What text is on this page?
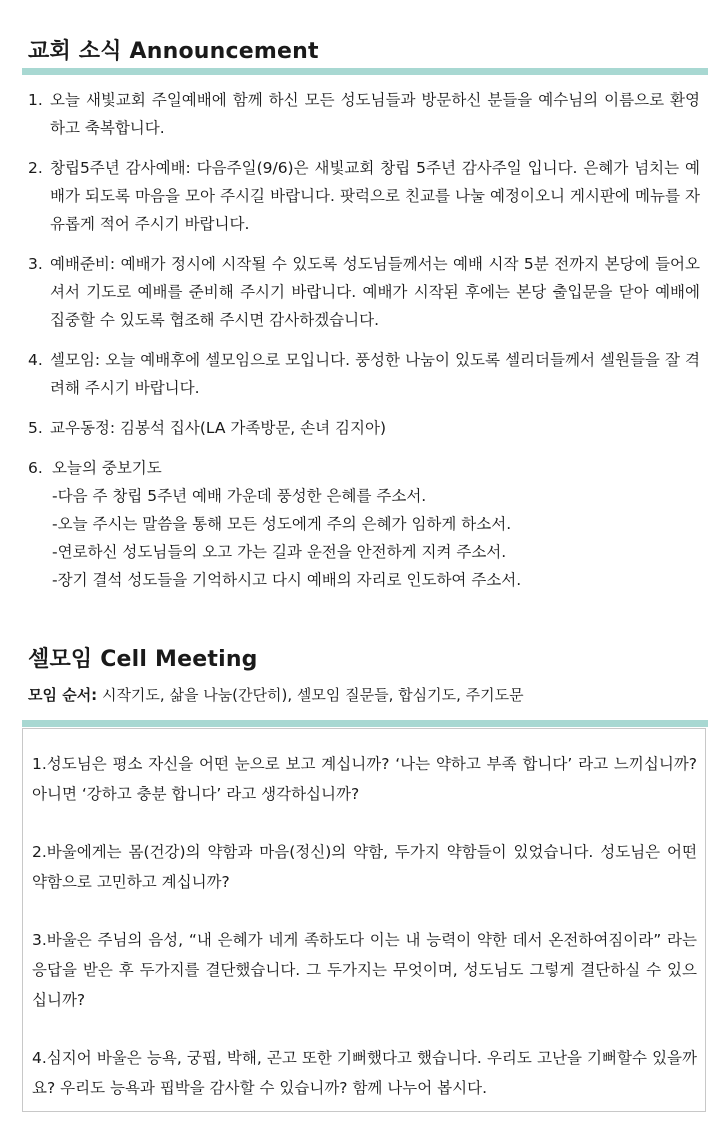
교회 소식 Announcement
1. 오늘 새빛교회 주일예배에 함께 하신 모든 성도님들과 방문하신 분들을 예수님의 이름으로 환영하고 축복합니다.
2. 창립5주년 감사예배: 다음주일(9/6)은 새빛교회 창립 5주년 감사주일 입니다. 은혜가 넘치는 예배가 되도록 마음을 모아 주시길 바랍니다. 팟럭으로 친교를 나눌 예정이오니 게시판에 메뉴를 자유롭게 적어 주시기 바랍니다.
3. 예배준비: 예배가 정시에 시작될 수 있도록 성도님들께서는 예배 시작 5분 전까지 본당에 들어오셔서 기도로 예배를 준비해 주시기 바랍니다. 예배가 시작된 후에는 본당 출입문을 닫아 예배에 집중할 수 있도록 협조해 주시면 감사하겠습니다.
4. 셀모임: 오늘 예배후에 셀모임으로 모입니다. 풍성한 나눔이 있도록 셀리더들께서 셀원들을 잘 격려해 주시기 바랍니다.
5. 교우동정: 김봉석 집사(LA 가족방문, 손녀 김지아)
6. 오늘의 중보기도
-다음 주 창립 5주년 예배 가운데 풍성한 은혜를 주소서.
-오늘 주시는 말씀을 통해 모든 성도에게 주의 은혜가 임하게 하소서.
-연로하신 성도님들의 오고 가는 길과 운전을 안전하게 지켜 주소서.
-장기 결석 성도들을 기억하시고 다시 예배의 자리로 인도하여 주소서.
셀모임 Cell Meeting
모임 순서: 시작기도, 삶을 나눔(간단히), 셀모임 질문들, 합심기도, 주기도문

1.성도님은 평소 자신을 어떤 눈으로 보고 계십니까? ‘나는 약하고 부족 합니다’ 라고 느끼십니까? 아니면 ‘강하고 충분 합니다’ 라고 생각하십니까?

2.바울에게는 몸(건강)의 약함과 마음(정신)의 약함, 두가지 약함들이 있었습니다. 성도님은 어떤 약함으로 고민하고 계십니까?

3.바울은 주님의 음성, “내 은혜가 네게 족하도다 이는 내 능력이 약한 데서 온전하여짐이라” 라는 응답을 받은 후 두가지를 결단했습니다. 그 두가지는 무엇이며, 성도님도 그렇게 결단하실 수 있으십니까?

4.심지어 바울은 능욕, 궁핍, 박해, 곤고 또한 기뻐했다고 했습니다. 우리도 고난을 기뻐할수 있을까요? 우리도 능욕과 핍박을 감사할 수 있습니까? 함께 나누어 봅시다.
